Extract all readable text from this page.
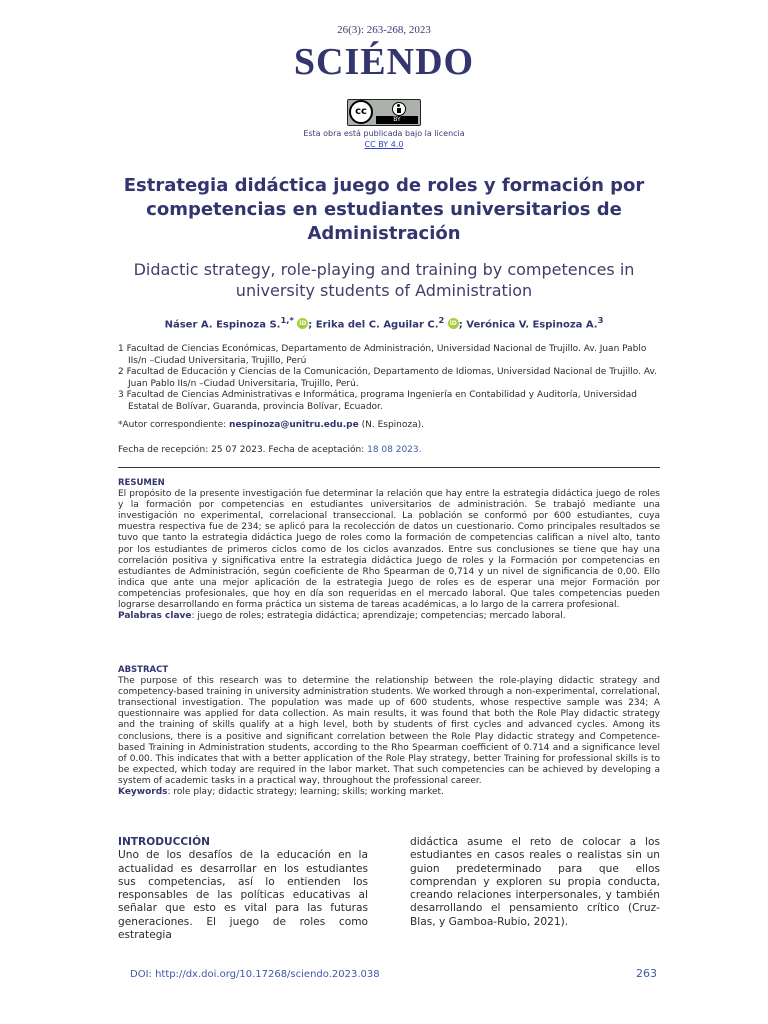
26(3): 263-268, 2023
SCIÉNDO
cc
BY
Esta obra está publicada bajo la licencia
CC BY 4.0
Estrategia didáctica juego de roles y formación por competencias en estudiantes universitarios de Administración
Didactic strategy, role-playing and training by competences in university students of Administration
Náser A. Espinoza S.$^{1,*}$ iD ; Erika del C. Aguilar C.$^2$ iD ; Verónica V. Espinoza A.$^3$

1 Facultad de Ciencias Económicas, Departamento de Administración, Universidad Nacional de Trujillo. Av. Juan Pablo IIs/n –Ciudad Universitaria, Trujillo, Perú

2 Facultad de Educación y Ciencias de la Comunicación, Departamento de Idiomas, Universidad Nacional de Trujillo. Av. Juan Pablo IIs/n –Ciudad Universitaria, Trujillo, Perú.

3 Facultad de Ciencias Administrativas e Informática, programa Ingeniería en Contabilidad y Auditoría, Universidad Estatal de Bolívar, Guaranda, provincia Bolívar, Ecuador.

*Autor correspondiente: nespinoza@unitru.edu.pe (N. Espinoza).
Fecha de recepción: 25 07 2023. Fecha de aceptación: 18 08 2023.
RESUMEN

El propósito de la presente investigación fue determinar la relación que hay entre la estrategia didáctica juego de roles y la formación por competencias en estudiantes universitarios de administración. Se trabajó mediante una investigación no experimental, correlacional transeccional. La población se conformó por 600 estudiantes, cuya muestra respectiva fue de 234; se aplicó para la recolección de datos un cuestionario. Como principales resultados se tuvo que tanto la estrategia didáctica Juego de roles como la formación de competencias califican a nivel alto, tanto por los estudiantes de primeros ciclos como de los ciclos avanzados. Entre sus conclusiones se tiene que hay una correlación positiva y significativa entre la estrategia didáctica Juego de roles y la Formación por competencias en estudiantes de Administración, según coeficiente de Rho Spearman de 0,714 y un nivel de significancia de 0,00. Ello indica que ante una mejor aplicación de la estrategia Juego de roles es de esperar una mejor Formación por competencias profesionales, que hoy en día son requeridas en el mercado laboral. Que tales competencias pueden lograrse desarrollando en forma práctica un sistema de tareas académicas, a lo largo de la carrera profesional.

Palabras clave: juego de roles; estrategia didáctica; aprendizaje; competencias; mercado laboral.

ABSTRACT

The purpose of this research was to determine the relationship between the role-playing didactic strategy and competency-based training in university administration students. We worked through a non-experimental, correlational, transectional investigation. The population was made up of 600 students, whose respective sample was 234; A questionnaire was applied for data collection. As main results, it was found that both the Role Play didactic strategy and the training of skills qualify at a high level, both by students of first cycles and advanced cycles. Among its conclusions, there is a positive and significant correlation between the Role Play didactic strategy and Competence-based Training in Administration students, according to the Rho Spearman coefficient of 0.714 and a significance level of 0.00. This indicates that with a better application of the Role Play strategy, better Training for professional skills is to be expected, which today are required in the labor market. That such competencies can be achieved by developing a system of academic tasks in a practical way, throughout the professional career.

Keywords: role play; didactic strategy; learning; skills; working market.

INTRODUCCIÓN

Uno de los desafíos de la educación en la actualidad es desarrollar en los estudiantes sus competencias, así lo entienden los responsables de las políticas educativas al señalar que esto es vital para las futuras generaciones. El juego de roles como estrategia

didáctica asume el reto de colocar a los estudiantes en casos reales o realistas sin un guion predeterminado para que ellos comprendan y exploren su propia conducta, creando relaciones interpersonales, y también desarrollando el pensamiento crítico (Cruz-Blas, y Gamboa-Rubio, 2021).

DOI: http://dx.doi.org/10.17268/sciendo.2023.038	263
